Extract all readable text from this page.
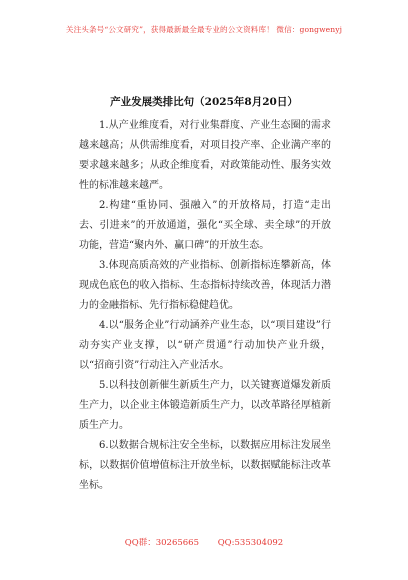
关注头条号“公文研究”，获得最新最全最专业的公文资料库！ 微信：gongwenyj
产业发展类排比句（2025年8月20日）

1.从产业维度看，对行业集群度、产业生态圈的需求越来越高；从供需维度看，对项目投产率、企业满产率的要求越来越多；从政企维度看，对政策能动性、服务实效性的标准越来越严。

2.构建“重协同、强融入”的开放格局，打造“走出去、引进来”的开放通道，强化“买全球、卖全球”的开放功能，营造“聚内外、赢口碑”的开放生态。

3.体现高质高效的产业指标、创新指标连攀新高，体现成色底色的收入指标、生态指标持续改善，体现活力潜力的金融指标、先行指标稳健趋优。

4.以“服务企业”行动涵养产业生态，以“项目建设”行动夯实产业支撑，以“研产贯通”行动加快产业升级，以“招商引资”行动注入产业活水。

5.以科技创新催生新质生产力，以关键赛道爆发新质生产力，以企业主体锻造新质生产力，以改革路径厚植新质生产力。

6.以数据合规标注安全坐标，以数据应用标注发展坐标，以数据价值增值标注开放坐标，以数据赋能标注改革坐标。

QQ群：30265665 QQ:535304092
